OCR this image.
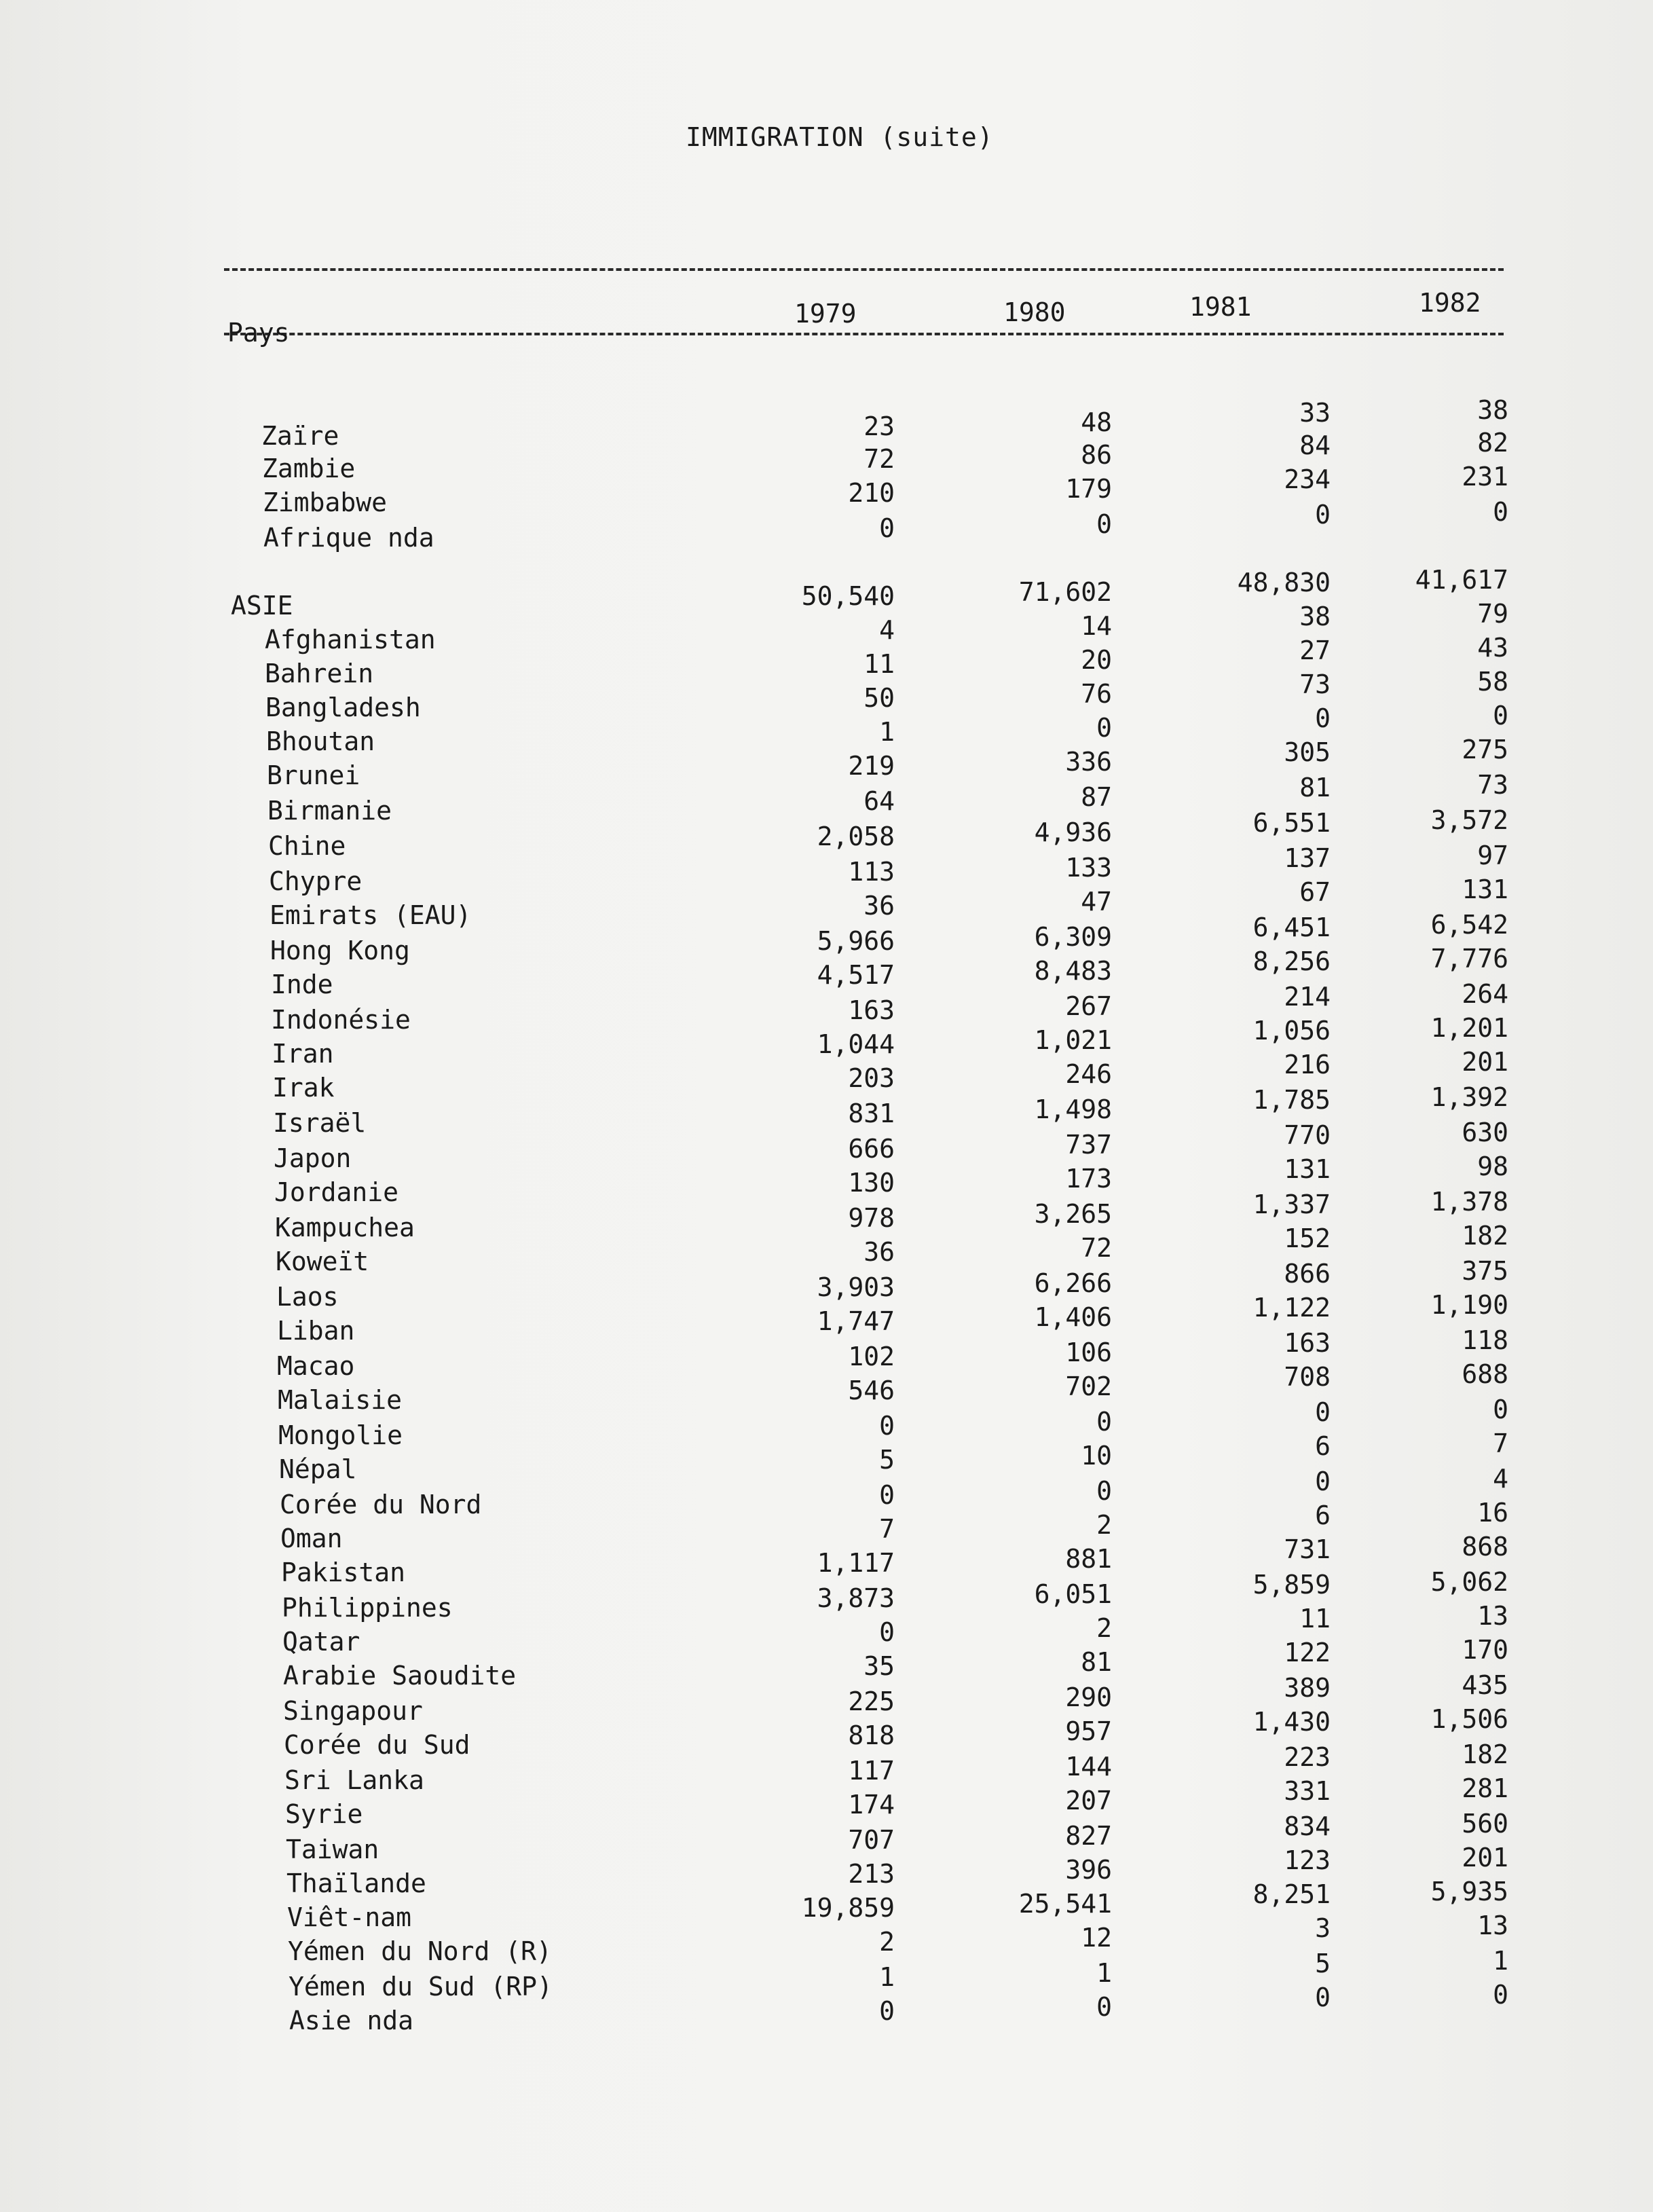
IMMIGRATION (suite)
Pays
1979	1980	1981	1982
Zaïre	23	48	33	38
Zambie	72	86	84	82
Zimbabwe	210	179	234	231
Afrique nda	0	0	0	0
ASIE	50,540	71,602	48,830	41,617
Afghanistan	4	14	38	79
Bahrein	11	20	27	43
Bangladesh	50	76	73	58
Bhoutan	1	0	0	0
Brunei	219	336	305	275
Birmanie	64	87	81	73
Chine	2,058	4,936	6,551	3,572
Chypre	113	133	137	97
Emirats (EAU)	36	47	67	131
Hong Kong	5,966	6,309	6,451	6,542
Inde	4,517	8,483	8,256	7,776
Indonésie	163	267	214	264
Iran	1,044	1,021	1,056	1,201
Irak	203	246	216	201
Israël	831	1,498	1,785	1,392
Japon	666	737	770	630
Jordanie	130	173	131	98
Kampuchea	978	3,265	1,337	1,378
Koweït	36	72	152	182
Laos	3,903	6,266	866	375
Liban	1,747	1,406	1,122	1,190
Macao	102	106	163	118
Malaisie	546	702	708	688
Mongolie	0	0	0	0
Népal	5	10	6	7
Corée du Nord	0	0	0	4
Oman	7	2	6	16
Pakistan	1,117	881	731	868
Philippines	3,873	6,051	5,859	5,062
Qatar	0	2	11	13
Arabie Saoudite	35	81	122	170
Singapour	225	290	389	435
Corée du Sud	818	957	1,430	1,506
Sri Lanka	117	144	223	182
Syrie	174	207	331	281
Taiwan	707	827	834	560
Thaïlande	213	396	123	201
Viêt-nam	19,859	25,541	8,251	5,935
Yémen du Nord (R)	2	12	3	13
Yémen du Sud (RP)	1	1	5	1
Asie nda	0	0	0	0
